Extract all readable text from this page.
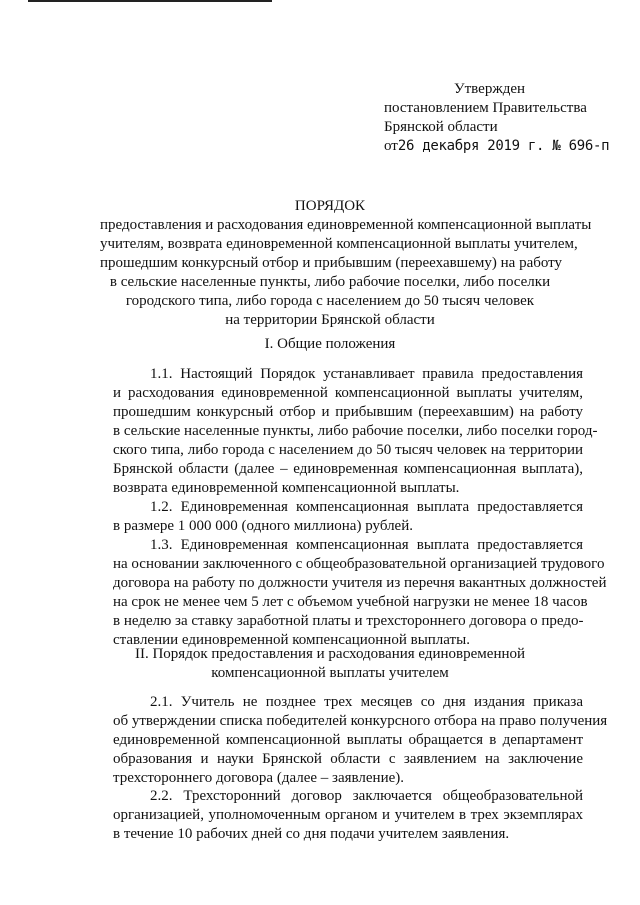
Утвержден
постановлением Правительства
Брянской области
от26 декабря 2019 г. № 696-п
ПОРЯДОК
предоставления и расходования единовременной компенсационной выплаты
учителям, возврата единовременной компенсационной выплаты учителем,
прошедшим конкурсный отбор и прибывшим (переехавшему) на работу
в сельские населенные пункты, либо рабочие поселки, либо поселки
городского типа, либо города с населением до 50 тысяч человек
на территории Брянской области
I. Общие положения
1.1. Настоящий Порядок устанавливает правила предоставления
и расходования единовременной компенсационной выплаты учителям,
прошедшим конкурсный отбор и прибывшим (переехавшим) на работу
в сельские населенные пункты, либо рабочие поселки, либо поселки город-
ского типа, либо города с населением до 50 тысяч человек на территории
Брянской области (далее – единовременная компенсационная выплата),
возврата единовременной компенсационной выплаты.
1.2. Единовременная компенсационная выплата предоставляется
в размере 1 000 000 (одного миллиона) рублей.
1.3. Единовременная компенсационная выплата предоставляется
на основании заключенного с общеобразовательной организацией трудового
договора на работу по должности учителя из перечня вакантных должностей
на срок не менее чем 5 лет с объемом учебной нагрузки не менее 18 часов
в неделю за ставку заработной платы и трехстороннего договора о предо-
ставлении единовременной компенсационной выплаты.
II. Порядок предоставления и расходования единовременной
компенсационной выплаты учителем
2.1. Учитель не позднее трех месяцев со дня издания приказа
об утверждении списка победителей конкурсного отбора на право получения
единовременной компенсационной выплаты обращается в департамент
образования и науки Брянской области с заявлением на заключение
трехстороннего договора (далее – заявление).
2.2. Трехсторонний договор заключается общеобразовательной
организацией, уполномоченным органом и учителем в трех экземплярах
в течение 10 рабочих дней со дня подачи учителем заявления.
